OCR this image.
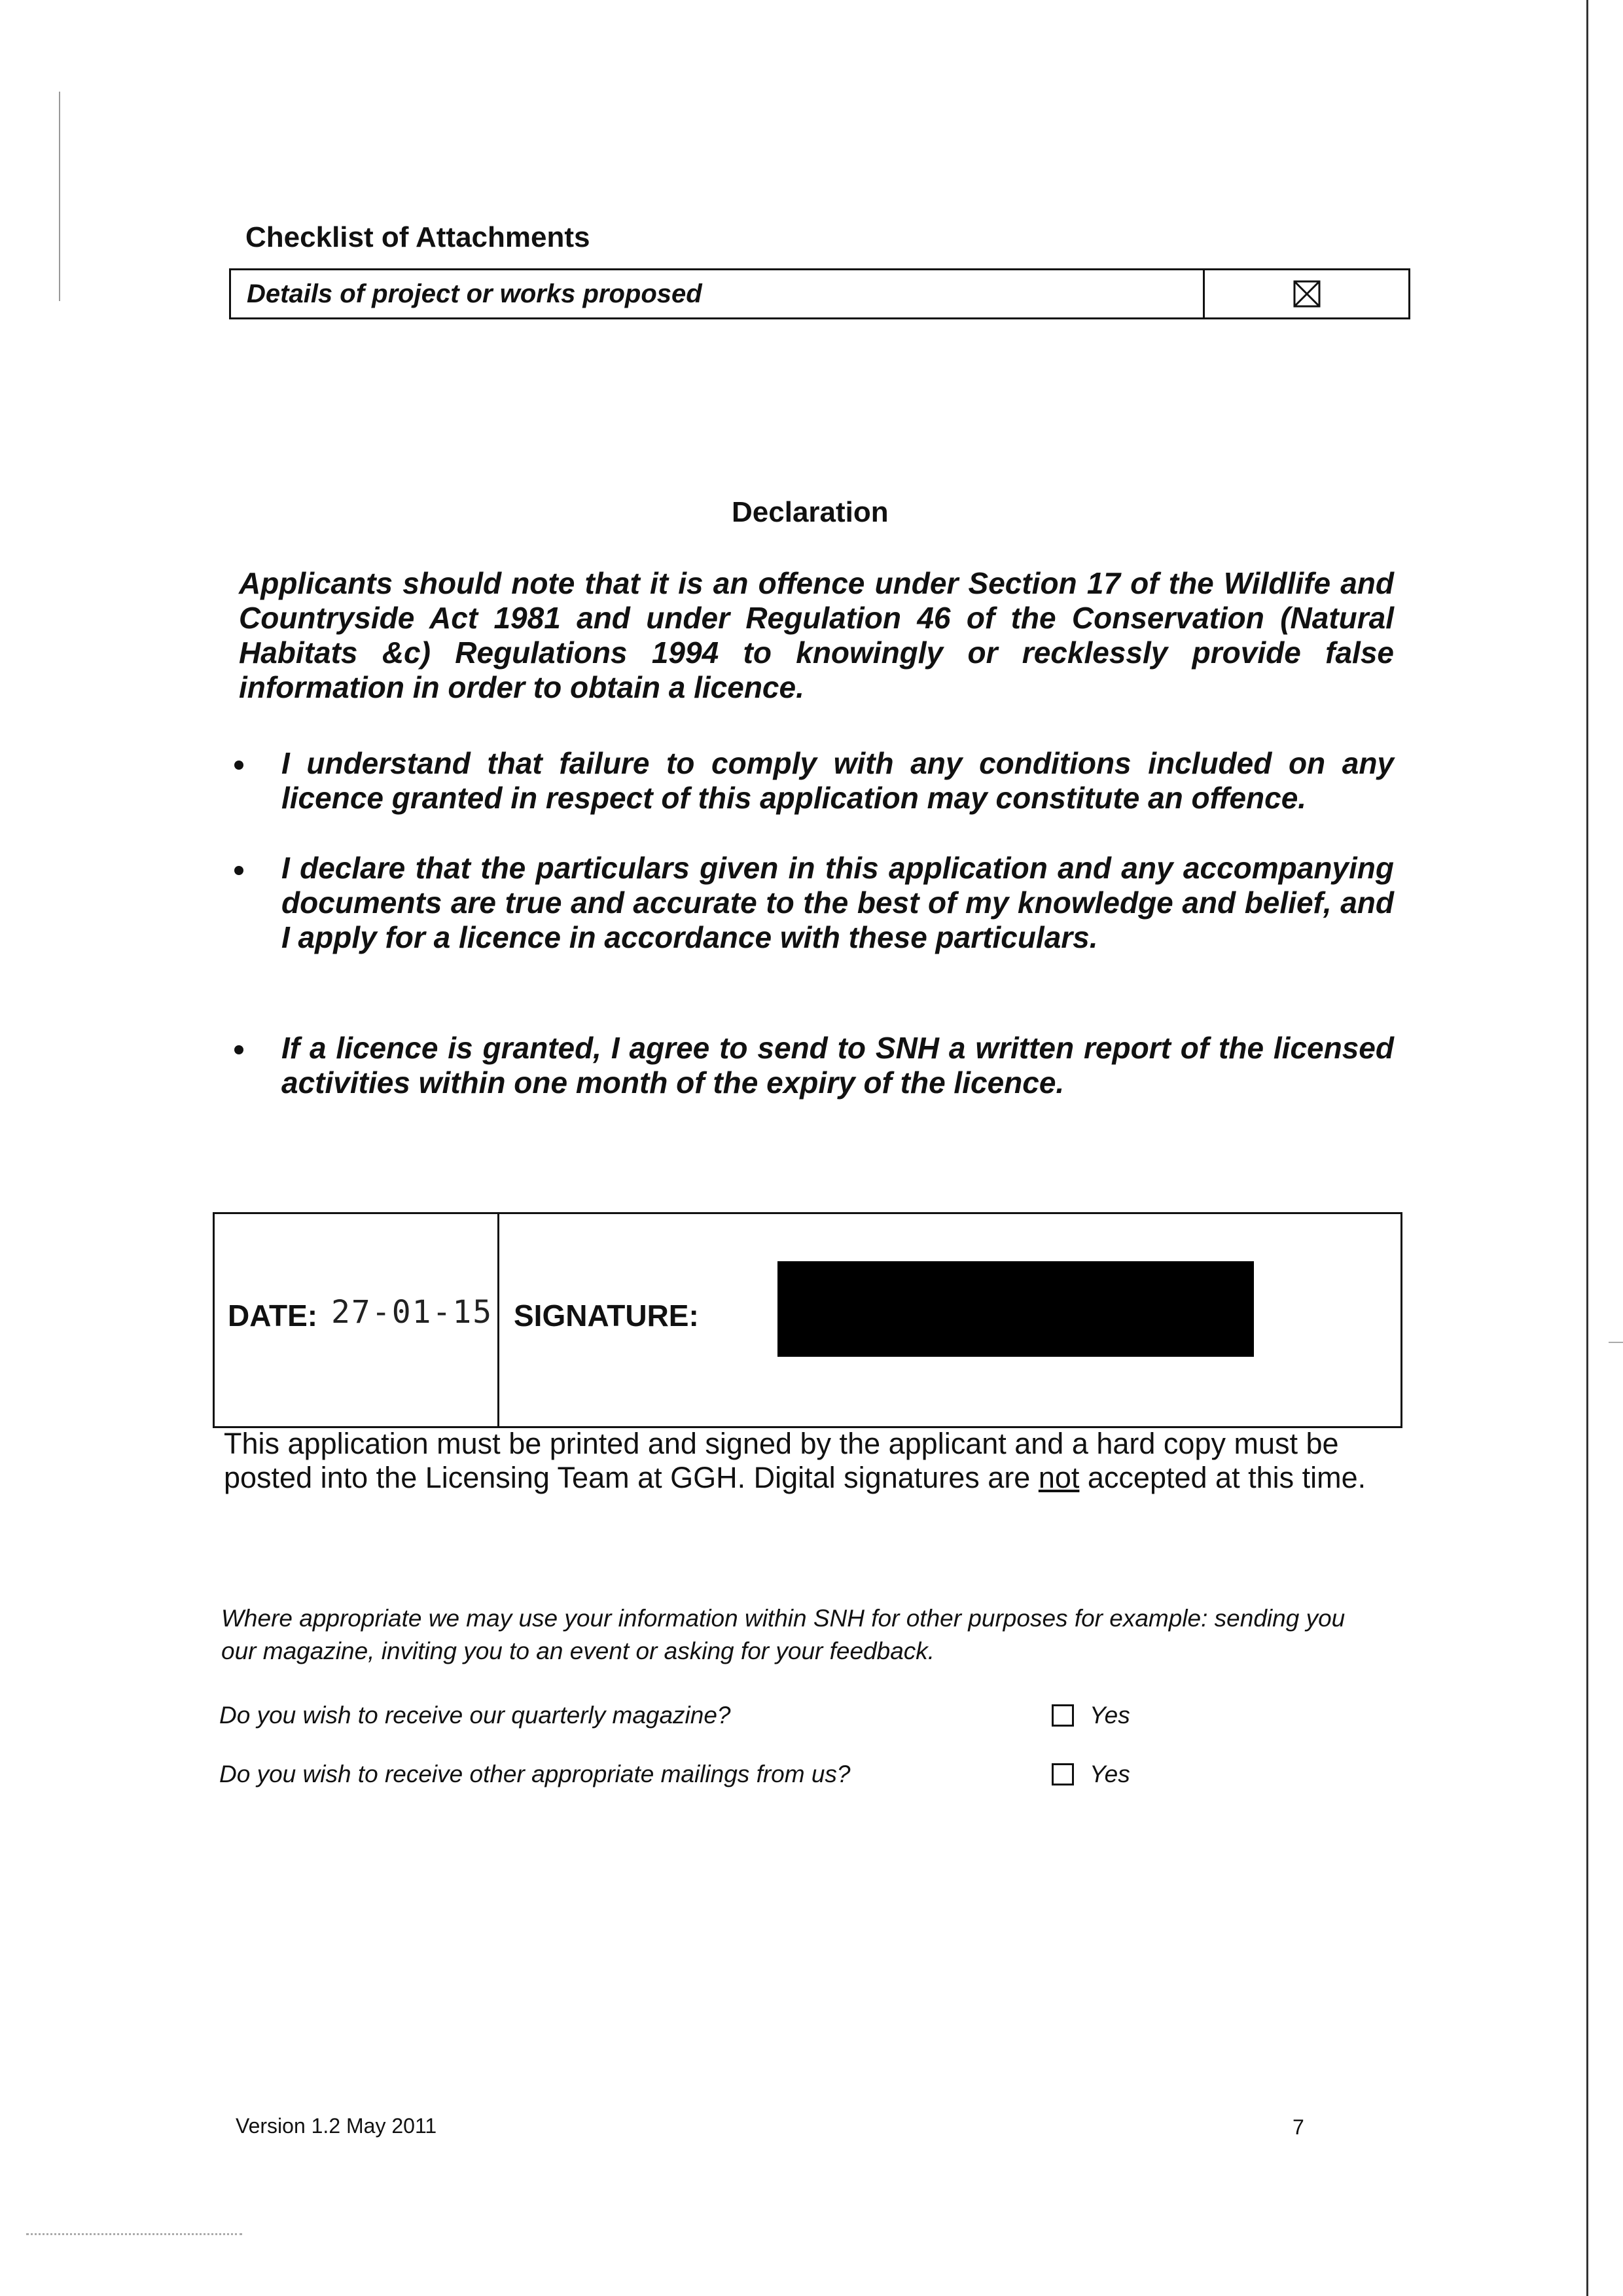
Checklist of Attachments
Details of project or works proposed
Declaration
Applicants should note that it is an offence under Section 17 of the Wildlife and Countryside Act 1981 and under Regulation 46 of the Conservation (Natural Habitats &c) Regulations 1994 to knowingly or recklessly provide false information in order to obtain a licence.
I understand that failure to comply with any conditions included on any licence granted in respect of this application may constitute an offence.
I declare that the particulars given in this application and any accompanying documents are true and accurate to the best of my knowledge and belief, and I apply for a licence in accordance with these particulars.
If a licence is granted, I agree to send to SNH a written report of the licensed activities within one month of the expiry of the licence.
DATE: 27-01-15 SIGNATURE:
This application must be printed and signed by the applicant and a hard copy must be posted into the Licensing Team at GGH. Digital signatures are not accepted at this time.
Where appropriate we may use your information within SNH for other purposes for example: sending you our magazine, inviting you to an event or asking for your feedback.
Do you wish to receive our quarterly magazine?	Yes
Do you wish to receive other appropriate mailings from us?	Yes
Version 1.2 May 2011	7
